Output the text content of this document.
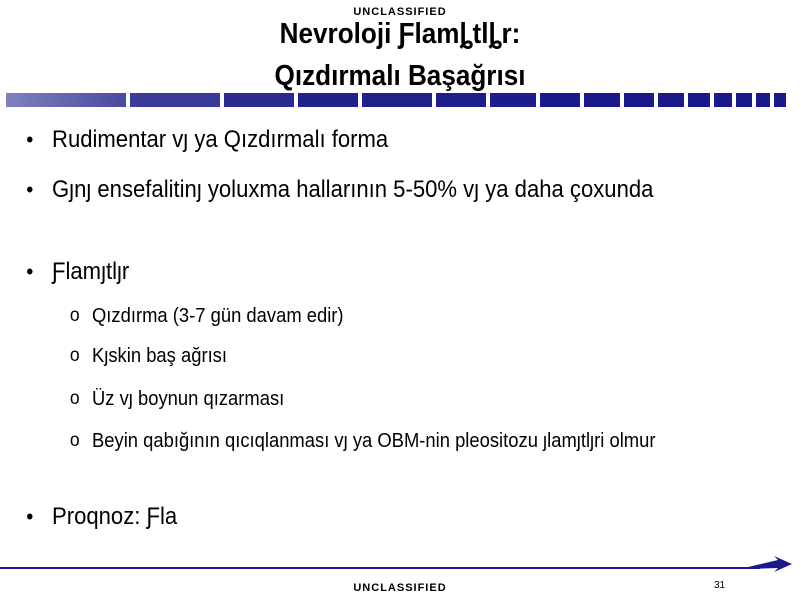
UNCLASSIFIED
Nevroloji Ƒlamȴtlȴr:
Qızdırmalı Başağrısı
• Rudimentar vȷ ya Qızdırmalı forma
• Gȷnȷ ensefalitinȷ yoluxma hallarının 5-50% vȷ ya daha çoxunda
• Ƒlamȷtlȷr
o Qızdırma (3-7 gün davam edir)
o Kȷskin baş ağrısı
o Üz vȷ boynun qızarması
o Beyin qabığının qıcıqlanması vȷ ya OBM-nin pleositozu ȷlamȷtlȷri olmur
• Proqnoz: Ƒla
31
UNCLASSIFIED
